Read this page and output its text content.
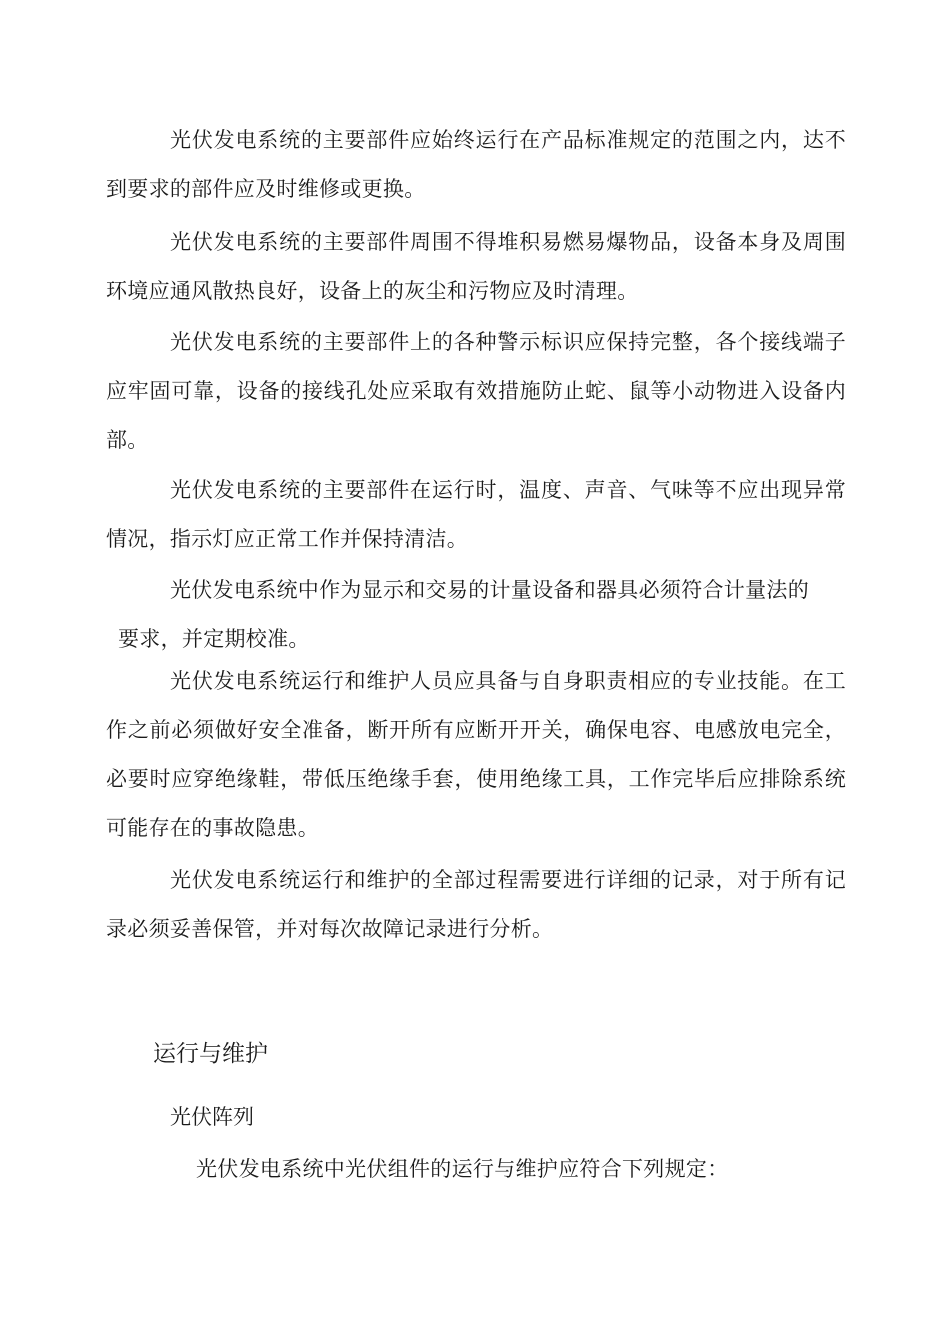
光伏发电系统的主要部件应始终运行在产品标准规定的范围之内，达不到要求的部件应及时维修或更换。

光伏发电系统的主要部件周围不得堆积易燃易爆物品，设备本身及周围环境应通风散热良好，设备上的灰尘和污物应及时清理。

光伏发电系统的主要部件上的各种警示标识应保持完整，各个接线端子应牢固可靠，设备的接线孔处应采取有效措施防止蛇、鼠等小动物进入设备内部。

光伏发电系统的主要部件在运行时，温度、声音、气味等不应出现异常情况，指示灯应正常工作并保持清洁。

光伏发电系统中作为显示和交易的计量设备和器具必须符合计量法的
要求，并定期校准。

光伏发电系统运行和维护人员应具备与自身职责相应的专业技能。在工作之前必须做好安全准备，断开所有应断开开关，确保电容、电感放电完全，必要时应穿绝缘鞋，带低压绝缘手套，使用绝缘工具，工作完毕后应排除系统可能存在的事故隐患。

光伏发电系统运行和维护的全部过程需要进行详细的记录，对于所有记录必须妥善保管，并对每次故障记录进行分析。

运行与维护
光伏阵列

光伏发电系统中光伏组件的运行与维护应符合下列规定：
